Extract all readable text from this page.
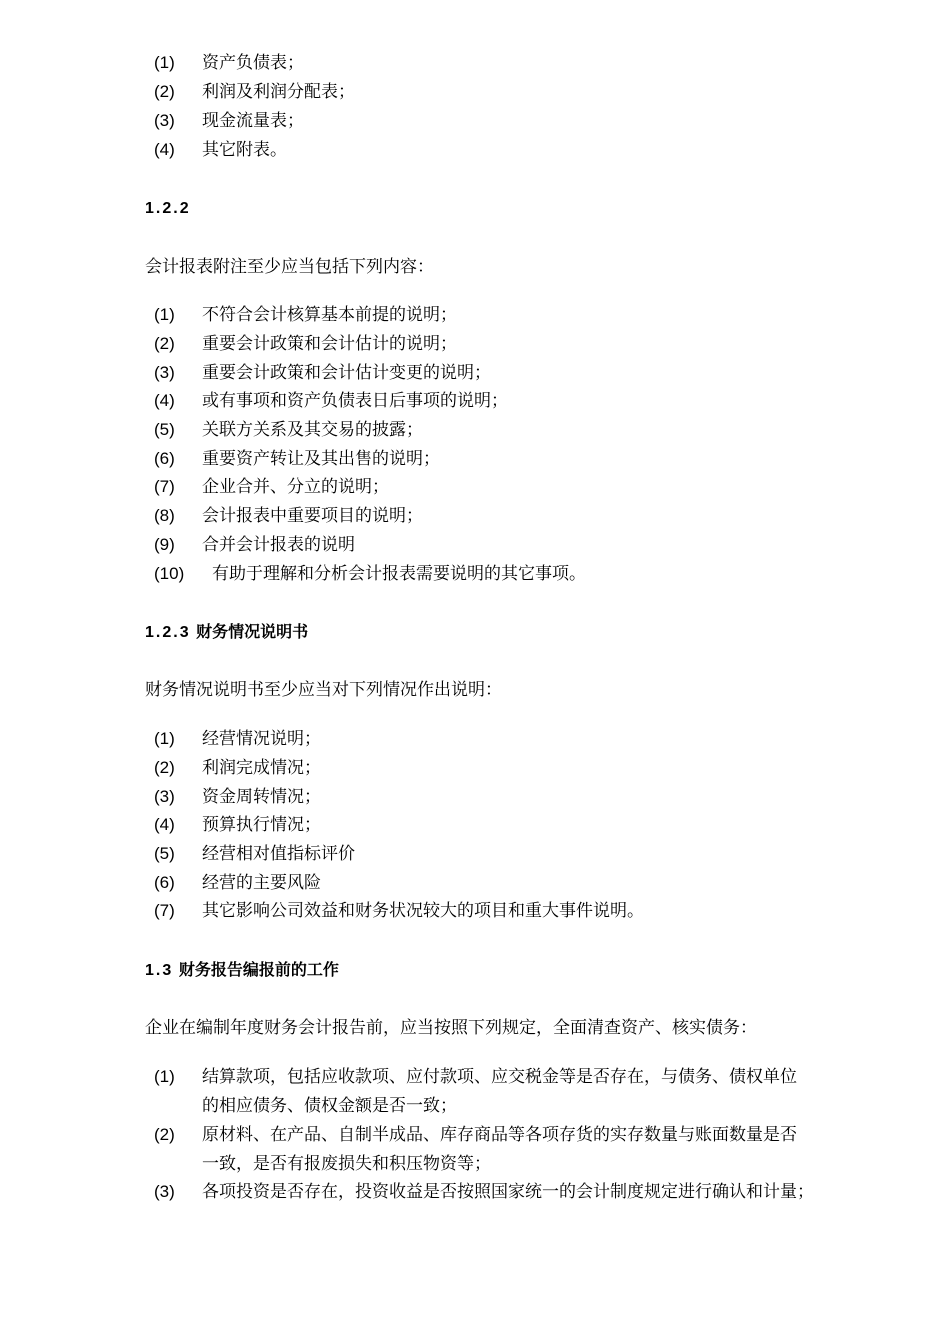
(1) 资产负债表；
(2) 利润及利润分配表；
(3) 现金流量表；
(4) 其它附表。
1.2.2
会计报表附注至少应当包括下列内容：
(1) 不符合会计核算基本前提的说明；
(2) 重要会计政策和会计估计的说明；
(3) 重要会计政策和会计估计变更的说明；
(4) 或有事项和资产负债表日后事项的说明；
(5) 关联方关系及其交易的披露；
(6) 重要资产转让及其出售的说明；
(7) 企业合并、分立的说明；
(8) 会计报表中重要项目的说明；
(9) 合并会计报表的说明
(10) 有助于理解和分析会计报表需要说明的其它事项。
1.2.3 财务情况说明书
财务情况说明书至少应当对下列情况作出说明：
(1) 经营情况说明；
(2) 利润完成情况；
(3) 资金周转情况；
(4) 预算执行情况；
(5) 经营相对值指标评价
(6) 经营的主要风险
(7) 其它影响公司效益和财务状况较大的项目和重大事件说明。
1.3 财务报告编报前的工作
企业在编制年度财务会计报告前，应当按照下列规定，全面清查资产、核实债务：
(1) 结算款项，包括应收款项、应付款项、应交税金等是否存在，与债务、债权单位
的相应债务、债权金额是否一致；
(2) 原材料、在产品、自制半成品、库存商品等各项存货的实存数量与账面数量是否
一致，是否有报废损失和积压物资等；
(3) 各项投资是否存在，投资收益是否按照国家统一的会计制度规定进行确认和计量；
